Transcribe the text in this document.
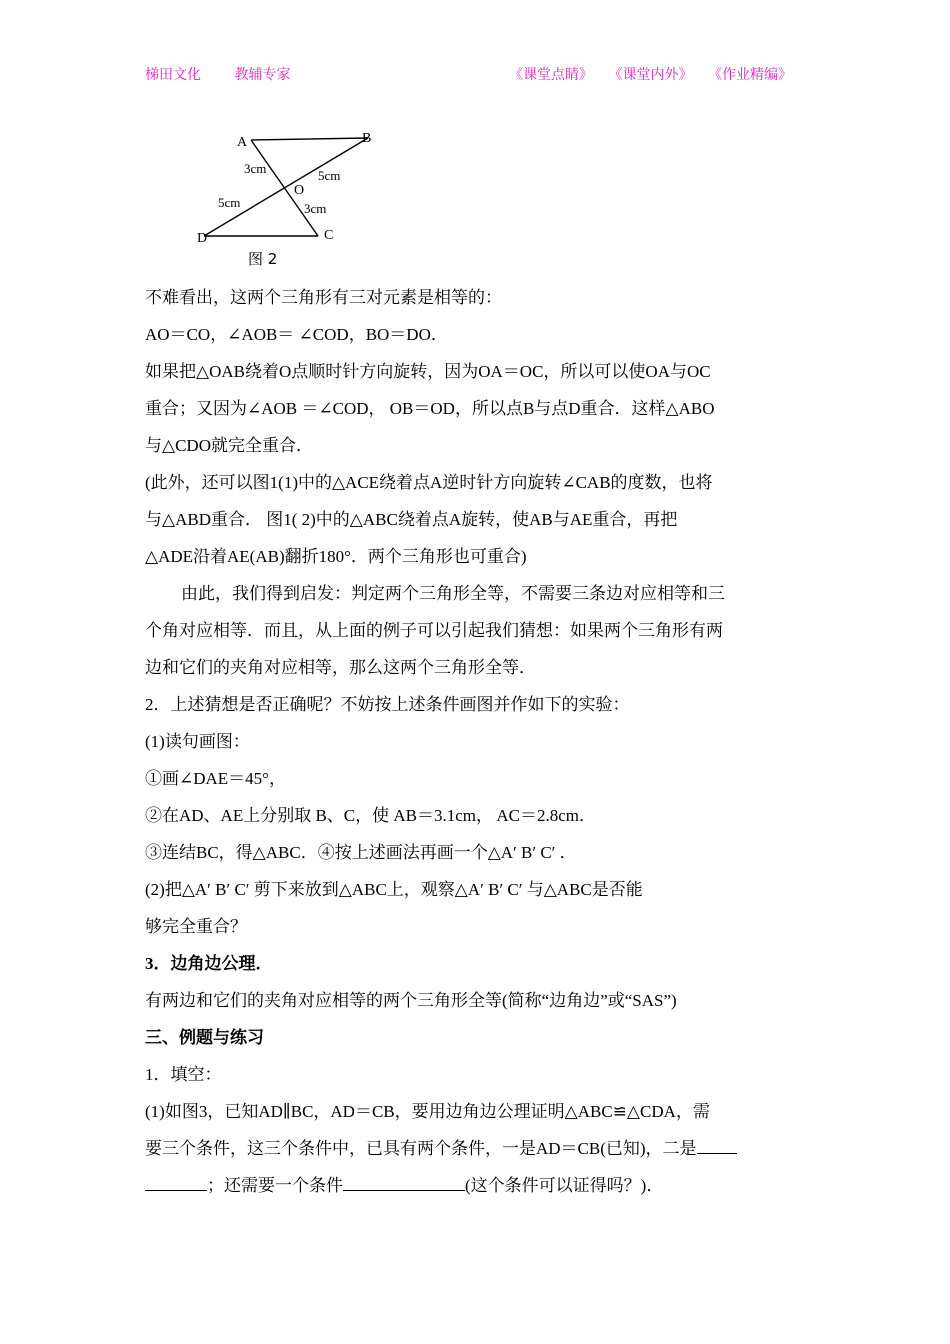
梯田文化 教辅专家	《课堂点睛》 《课堂内外》 《作业精编》
A	B
C
D
O
3cm	5cm
5cm	3cm
图 2
不难看出，这两个三角形有三对元素是相等的：
AO＝CO，∠AOB＝ ∠COD，BO＝DO．
如果把△OAB绕着O点顺时针方向旋转，因为OA＝OC，所以可以使OA与OC
重合；又因为∠AOB ＝∠COD， OB＝OD，所以点B与点D重合．这样△ABO
与△CDO就完全重合．
(此外，还可以图1(1)中的△ACE绕着点A逆时针方向旋转∠CAB的度数，也将
与△ABD重合． 图1( 2)中的△ABC绕着点A旋转，使AB与AE重合，再把
△ADE沿着AE(AB)翻折180°．两个三角形也可重合)
由此，我们得到启发：判定两个三角形全等，不需要三条边对应相等和三
个角对应相等．而且，从上面的例子可以引起我们猜想：如果两个三角形有两
边和它们的夹角对应相等，那么这两个三角形全等．
2．上述猜想是否正确呢？不妨按上述条件画图并作如下的实验：
(1)读句画图：
①画∠DAE＝45°，
②在AD、AE上分别取 B、C，使 AB＝3.1cm， AC＝2.8cm．
③连结BC，得△ABC．④按上述画法再画一个△A′ B′ C′ ．
(2)把△A′ B′ C′ 剪下来放到△ABC上，观察△A′ B′ C′ 与△ABC是否能
够完全重合？
3．边角边公理．
有两边和它们的夹角对应相等的两个三角形全等(简称“边角边”或“SAS”)
三、例题与练习
1．填空：
(1)如图3，已知AD∥BC，AD＝CB，要用边角边公理证明△ABC≌△CDA，需
要三个条件，这三个条件中，已具有两个条件，一是AD＝CB(已知)，二是
；还需要一个条件	(这个条件可以证得吗？)．
